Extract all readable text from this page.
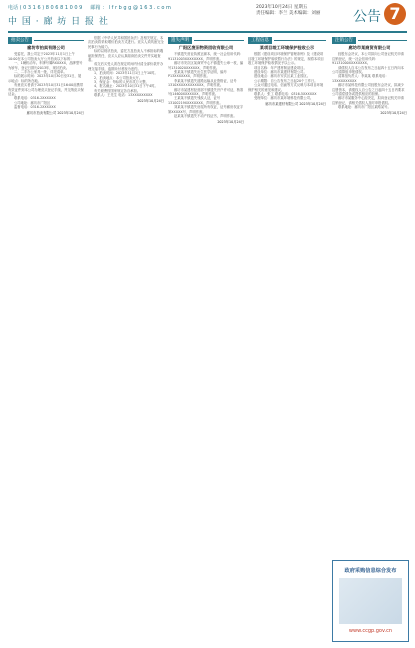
电话 ( 0 3 1 6 ) 8 0 6 8 1 0 0 9 　 邮箱 ： l f r b g g @ 1 6 3 . c o m
中 国 · 廊 坊 日 报 社
2023年10月24日 星期五
责任编辑：李兰 美术编辑：刘丽 公告 7
拍卖公告
廊坊市拍卖有限公司

受委托，我公司定于2023年11月1日上午10:00在本公司拍卖大厅公开拍卖以下标的：

一、1辆机动车。车牌号冀RXXXXX，品牌型号为轿车，登记日期为2013年，现状拍卖。

二、二手办公家具一批，详见清单。

标的展示时间：2023年10月30日至31日，展示地点：标的所在地。

有意竞买者请于2023年10月31日16:00前携带有效证件到本公司办理竞买登记手续，并交纳竞买保证金。

联系电话：0316-2XXXXXX

公司地址：廊坊市广阳区

监督电话：0316-2XXXXXX

廊坊市拍卖有限公司 2023年10月24日

依据《中华人民共和国拍卖法》及相关规定，本次拍卖将采取增价拍卖方式进行。竞买人须具备完全民事行为能力。

标的以现状拍卖，委托方及拍卖人不承担标的瑕疵担保责任，竞买人应认真阅读拍卖文件并实地查看。

成交后买受人须在规定时间内付清全部价款并办理交接手续，逾期未付者视为违约。

1、拍卖时间：2023年11月1日上午10时。

2、拍卖地点：本公司拍卖大厅。

3、保证金：每标的人民币贰万元整。

4、报名截止：2023年10月31日下午4时。

有关税费按国家规定各自承担。

联系人：王先生 电话：13XXXXXXXXX

2023年10月24日
遗失声明
广阳区废旧物资回收有限公司

不慎遗失营业执照正副本，统一社会信用代码：91131003XXXXXXXX，声明作废。

廊坊市安次区某商贸中心不慎遗失公章一枚，编号1310020XXXXXX，声明作废。

张某某不慎遗失出生医学证明，编号P13XXXXXXX，声明作废。

李某某不慎遗失道路运输从业资格证，证号1310XXXXXXXXXXXX，声明作废。

廊坊市某建材经营部不慎遗失开户许可证，核准号J14600XXXXXXX，声明作废。

王某某不慎遗失残疾人证，证号13100219XXXXXXXX，声明作废。

刘某某不慎遗失房屋所有权证，证号廊房权证字第XXXXX号，声明作废。

赵某某不慎遗失不动产权证书，声明作废。

2023年10月24日
工程信息
某项目竣工环境保护验收公示

根据《建设项目环境保护管理条例》及《建设项目竣工环境保护验收暂行办法》的规定，现将本项目竣工环境保护验收情况予以公示。

项目名称：年产建材制品建设项目。

建设单位：廊坊市某建材有限公司。

建设地点：廊坊市安次区某工业园区。

公示期限：自公告发布之日起20个工作日。

公众可通过电话、信函等方式反映与本项目环境保护相关的意见和建议。

联系人：张工 联系电话：0316-5XXXXXX

受理单位：廊坊市某环境科技有限公司。

廊坊市某建材有限公司 2023年10月24日
注销公告
廊坊市某商贸有限公司

经股东会决议，本公司拟向公司登记机关申请注销登记，统一社会信用代码：91131000XXXXXXXX。

请债权人自本公告发布之日起四十五日内向本公司清算组申报债权。

清算组负责人：李某某 联系电话：13XXXXXXXXX

廊坊市某科技有限公司经股东会决议，拟减少注册资本，请债权人自公告之日起四十五日内要求公司清偿债务或提供相应的担保。

廊坊市某服务中心经决定，拟向登记机关申请注销登记，请相关债权人及时申报债权。

联系地址：廊坊市广阳区某路某号。

2023年10月24日
政府采购信息综合发布
www.ccgp.gov.cn
